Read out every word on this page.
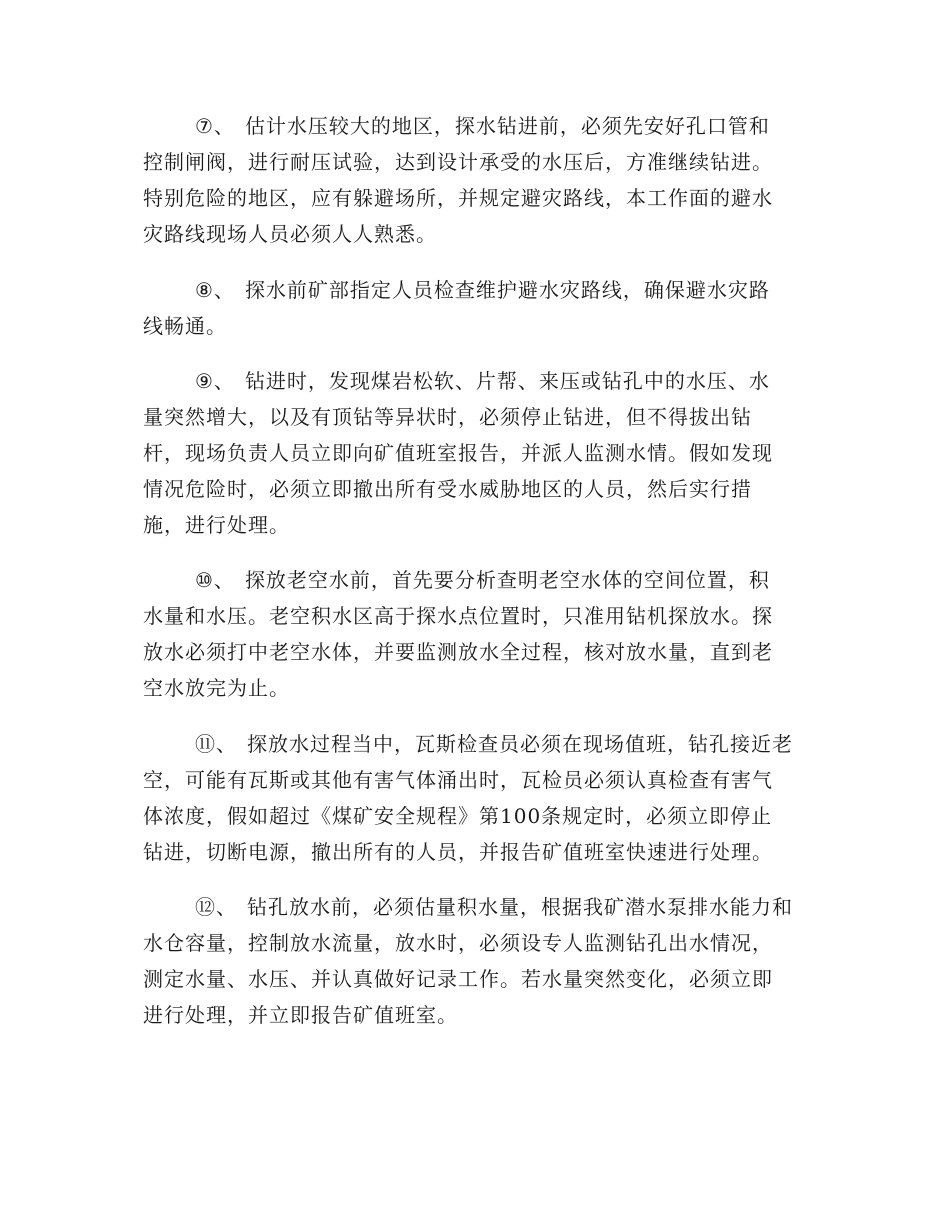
⑦、 估计水压较大的地区，探水钻进前，必须先安好孔口管和
控制闸阀，进行耐压试验，达到设计承受的水压后，方准继续钻进。
特别危险的地区，应有躲避场所，并规定避灾路线，本工作面的避水
灾路线现场人员必须人人熟悉。
⑧、 探水前矿部指定人员检查维护避水灾路线，确保避水灾路
线畅通。
⑨、 钻进时，发现煤岩松软、片帮、来压或钻孔中的水压、水
量突然增大，以及有顶钻等异状时，必须停止钻进，但不得拔出钻
杆，现场负责人员立即向矿值班室报告，并派人监测水情。假如发现
情况危险时，必须立即撤出所有受水威胁地区的人员，然后实行措
施，进行处理。
⑩、 探放老空水前，首先要分析查明老空水体的空间位置，积
水量和水压。老空积水区高于探水点位置时，只准用钻机探放水。探
放水必须打中老空水体，并要监测放水全过程，核对放水量，直到老
空水放完为止。
⑪、 探放水过程当中，瓦斯检查员必须在现场值班，钻孔接近老
空，可能有瓦斯或其他有害气体涌出时，瓦检员必须认真检查有害气
体浓度，假如超过《煤矿安全规程》第100条规定时，必须立即停止
钻进，切断电源，撤出所有的人员，并报告矿值班室快速进行处理。
⑫、 钻孔放水前，必须估量积水量，根据我矿潜水泵排水能力和
水仓容量，控制放水流量，放水时，必须设专人监测钻孔出水情况，
测定水量、水压、并认真做好记录工作。若水量突然变化，必须立即
进行处理，并立即报告矿值班室。
